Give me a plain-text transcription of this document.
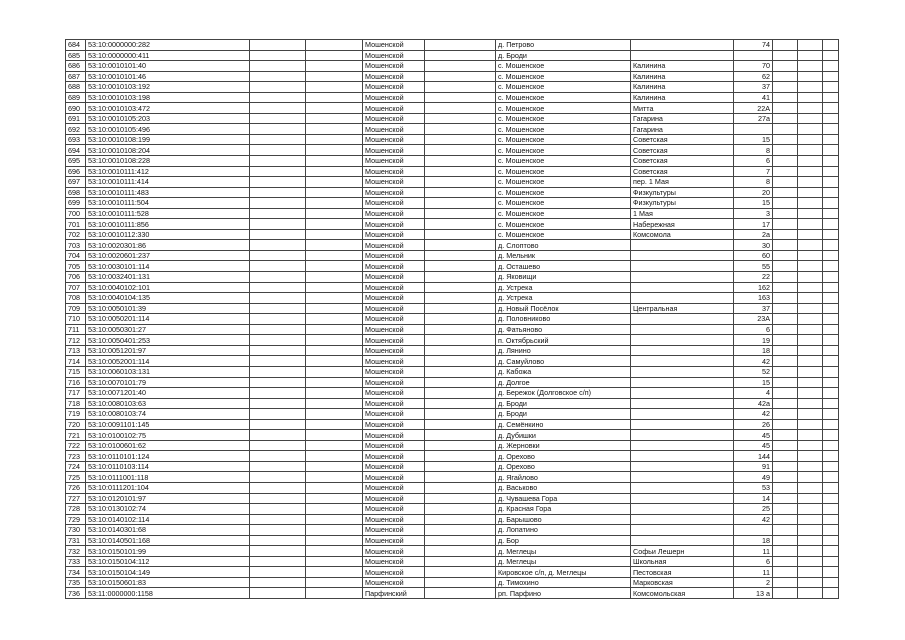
684	53:10:0000000:282			Мошенской		д. Петрово		74			
685	53:10:0000000:411			Мошенской		д. Броди					
686	53:10:0010101:40			Мошенской		с. Мошенское	Калинина	70			
687	53:10:0010101:46			Мошенской		с. Мошенское	Калинина	62			
688	53:10:0010103:192			Мошенской		с. Мошенское	Калинина	37			
689	53:10:0010103:198			Мошенской		с. Мошенское	Калинина	41			
690	53:10:0010103:472			Мошенской		с. Мошенское	Митта	22А			
691	53:10:0010105:203			Мошенской		с. Мошенское	Гагарина	27а			
692	53:10:0010105:496			Мошенской		с. Мошенское	Гагарина				
693	53:10:0010108:199			Мошенской		с. Мошенское	Советская	15			
694	53:10:0010108:204			Мошенской		с. Мошенское	Советская	8			
695	53:10:0010108:228			Мошенской		с. Мошенское	Советская	6			
696	53:10:0010111:412			Мошенской		с. Мошенское	Советская	7			
697	53:10:0010111:414			Мошенской		с. Мошенское	пер. 1 Мая	8			
698	53:10:0010111:483			Мошенской		с. Мошенское	Физкультуры	20			
699	53:10:0010111:504			Мошенской		с. Мошенское	Физкультуры	15			
700	53:10:0010111:528			Мошенской		с. Мошенское	1 Мая	3			
701	53:10:0010111:856			Мошенской		с. Мошенское	Набережная	17			
702	53:10:0010112:330			Мошенской		с. Мошенское	Комсомола	2а			
703	53:10:0020301:86			Мошенской		д. Слоптово		30			
704	53:10:0020601:237			Мошенской		д. Мельник		60			
705	53:10:0030101:114			Мошенской		д. Осташево		55			
706	53:10:0032401:131			Мошенской		д. Яковищи		22			
707	53:10:0040102:101			Мошенской		д. Устрека		162			
708	53:10:0040104:135			Мошенской		д. Устрека		163			
709	53:10:0050101:39			Мошенской		д. Новый Посёлок	Центральная	37			
710	53:10:0050201:114			Мошенской		д. Половниково		23А			
711	53:10:0050301:27			Мошенской		д. Фатьяново		6			
712	53:10:0050401:253			Мошенской		п. Октябрьский		19			
713	53:10:0051201:97			Мошенской		д. Лянино		18			
714	53:10:0052001:114			Мошенской		д. Самуйлово		42			
715	53:10:0060103:131			Мошенской		д. Кабожа		52			
716	53:10:0070101:79			Мошенской		д. Долгое		15			
717	53:10:0071201:40			Мошенской		д. Бережок (Долговское с/п)		4			
718	53:10:0080103:63			Мошенской		д. Броди		42а			
719	53:10:0080103:74			Мошенской		д. Броди		42			
720	53:10:0091101:145			Мошенской		д. Семёнкино		26			
721	53:10:0100102:75			Мошенской		д. Дубишки		45			
722	53:10:0100601:62			Мошенской		д. Жерновки		45			
723	53:10:0110101:124			Мошенской		д. Орехово		144			
724	53:10:0110103:114			Мошенской		д. Орехово		91			
725	53:10:0111001:118			Мошенской		д. Ягайлово		49			
726	53:10:0111201:104			Мошенской		д. Васьково		53			
727	53:10:0120101:97			Мошенской		д. Чувашева Гора		14			
728	53:10:0130102:74			Мошенской		д. Красная Гора		25			
729	53:10:0140102:114			Мошенской		д. Барышово		42			
730	53:10:0140301:68			Мошенской		д. Лопатино					
731	53:10:0140501:168			Мошенской		д. Бор		18			
732	53:10:0150101:99			Мошенской		д. Меглецы	Софьи Лешерн	11			
733	53:10:0150104:112			Мошенской		д. Меглецы	Школьная	6			
734	53:10:0150104:149			Мошенской		Кировское с/п, д. Меглецы	Пестовская	11			
735	53:10:0150601:83			Мошенской		д. Тимохино	Марковская	2			
736	53:11:0000000:1158			Парфинский		рп. Парфино	Комсомольская	13 а			
